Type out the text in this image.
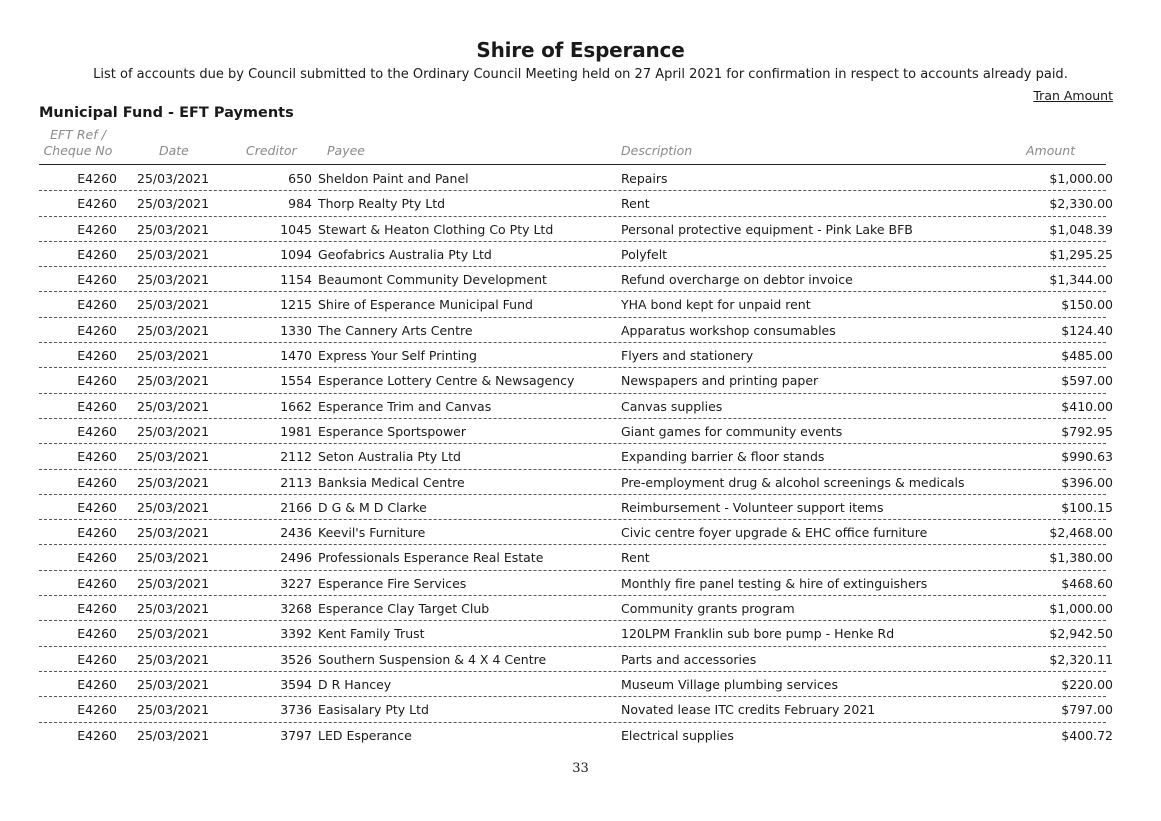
Shire of Esperance
List of accounts due by Council submitted to the Ordinary Council Meeting held on 27 April 2021 for confirmation in respect to accounts already paid.
Tran Amount
Municipal Fund - EFT Payments
EFT Ref /
Cheque No	Date	Creditor Payee	Description	Amount
E4260 25/03/2021	650 Sheldon Paint and Panel	Repairs	$1,000.00
E4260 25/03/2021	984 Thorp Realty Pty Ltd	Rent	$2,330.00
E4260 25/03/2021	1045 Stewart & Heaton Clothing Co Pty Ltd	Personal protective equipment - Pink Lake BFB	$1,048.39
E4260 25/03/2021	1094 Geofabrics Australia Pty Ltd	Polyfelt	$1,295.25
E4260 25/03/2021	1154 Beaumont Community Development	Refund overcharge on debtor invoice	$1,344.00
E4260 25/03/2021	1215 Shire of Esperance Municipal Fund	YHA bond kept for unpaid rent	$150.00
E4260 25/03/2021	1330 The Cannery Arts Centre	Apparatus workshop consumables	$124.40
E4260 25/03/2021	1470 Express Your Self Printing	Flyers and stationery	$485.00
E4260 25/03/2021	1554 Esperance Lottery Centre & Newsagency	Newspapers and printing paper	$597.00
E4260 25/03/2021	1662 Esperance Trim and Canvas	Canvas supplies	$410.00
E4260 25/03/2021	1981 Esperance Sportspower	Giant games for community events	$792.95
E4260 25/03/2021	2112 Seton Australia Pty Ltd	Expanding barrier & floor stands	$990.63
E4260 25/03/2021	2113 Banksia Medical Centre	Pre-employment drug & alcohol screenings & medicals	$396.00
E4260 25/03/2021	2166 D G & M D Clarke	Reimbursement - Volunteer support items	$100.15
E4260 25/03/2021	2436 Keevil's Furniture	Civic centre foyer upgrade & EHC office furniture	$2,468.00
E4260 25/03/2021	2496 Professionals Esperance Real Estate	Rent	$1,380.00
E4260 25/03/2021	3227 Esperance Fire Services	Monthly fire panel testing & hire of extinguishers	$468.60
E4260 25/03/2021	3268 Esperance Clay Target Club	Community grants program	$1,000.00
E4260 25/03/2021	3392 Kent Family Trust	120LPM Franklin sub bore pump - Henke Rd	$2,942.50
E4260 25/03/2021	3526 Southern Suspension & 4 X 4 Centre	Parts and accessories	$2,320.11
E4260 25/03/2021	3594 D R Hancey	Museum Village plumbing services	$220.00
E4260 25/03/2021	3736 Easisalary Pty Ltd	Novated lease ITC credits February 2021	$797.00
E4260 25/03/2021	3797 LED Esperance	Electrical supplies	$400.72
33
